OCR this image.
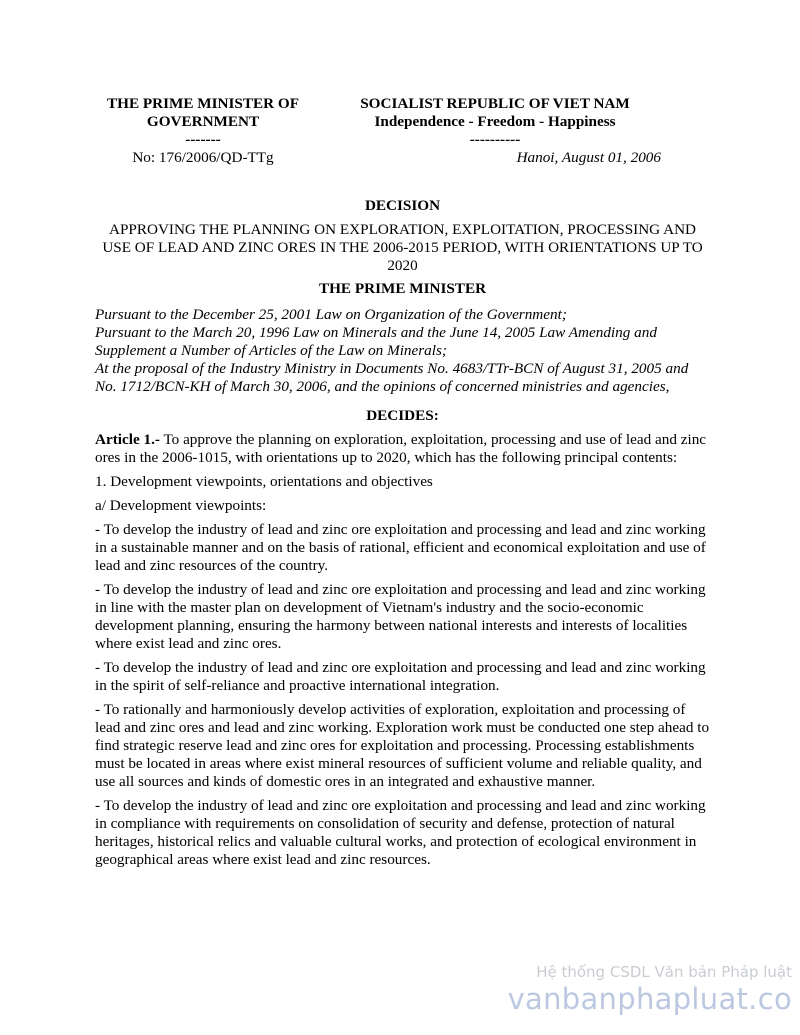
THE PRIME MINISTER OF
GOVERNMENT
-------
SOCIALIST REPUBLIC OF VIET NAM
Independence - Freedom - Happiness
----------
No: 176/2006/QD-TTg	Hanoi, August 01, 2006

DECISION

APPROVING THE PLANNING ON EXPLORATION, EXPLOITATION, PROCESSING AND USE OF LEAD AND ZINC ORES IN THE 2006-2015 PERIOD, WITH ORIENTATIONS UP TO 2020

THE PRIME MINISTER

Pursuant to the December 25, 2001 Law on Organization of the Government;

Pursuant to the March 20, 1996 Law on Minerals and the June 14, 2005 Law Amending and Supplement a Number of Articles of the Law on Minerals;

At the proposal of the Industry Ministry in Documents No. 4683/TTr-BCN of August 31, 2005 and No. 1712/BCN-KH of March 30, 2006, and the opinions of concerned ministries and agencies,

DECIDES:

Article 1.- To approve the planning on exploration, exploitation, processing and use of lead and zinc ores in the 2006-1015, with orientations up to 2020, which has the following principal contents:

1. Development viewpoints, orientations and objectives

a/ Development viewpoints:

- To develop the industry of lead and zinc ore exploitation and processing and lead and zinc working in a sustainable manner and on the basis of rational, efficient and economical exploitation and use of lead and zinc resources of the country.

- To develop the industry of lead and zinc ore exploitation and processing and lead and zinc working in line with the master plan on development of Vietnam's industry and the socio-economic development planning, ensuring the harmony between national interests and interests of localities where exist lead and zinc ores.

- To develop the industry of lead and zinc ore exploitation and processing and lead and zinc working in the spirit of self-reliance and proactive international integration.

- To rationally and harmoniously develop activities of exploration, exploitation and processing of lead and zinc ores and lead and zinc working. Exploration work must be conducted one step ahead to find strategic reserve lead and zinc ores for exploitation and processing. Processing establishments must be located in areas where exist mineral resources of sufficient volume and reliable quality, and use all sources and kinds of domestic ores in an integrated and exhaustive manner.

- To develop the industry of lead and zinc ore exploitation and processing and lead and zinc working in compliance with requirements on consolidation of security and defense, protection of natural heritages, historical relics and valuable cultural works, and protection of ecological environment in geographical areas where exist lead and zinc resources.

Hệ thống CSDL Văn bản Pháp luật
vanbanphapluat.co
